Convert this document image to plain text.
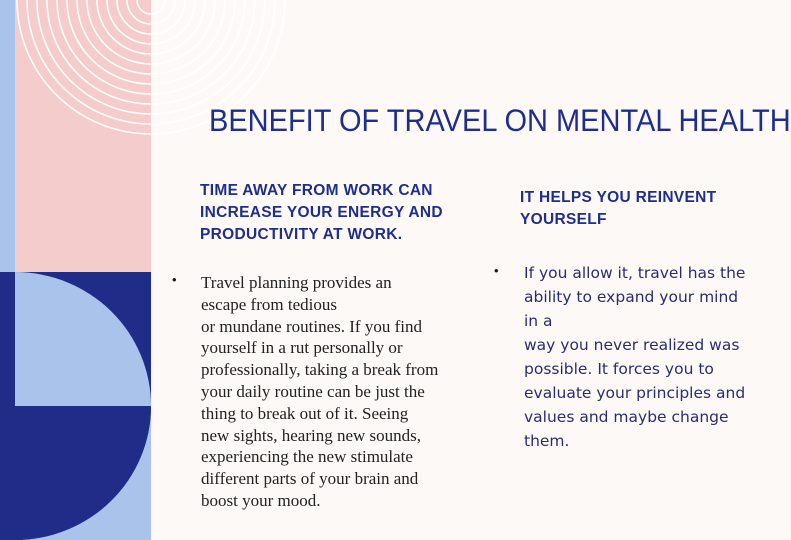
BENEFIT OF TRAVEL ON MENTAL HEALTH
TIME AWAY FROM WORK CAN INCREASE YOUR ENERGY AND PRODUCTIVITY AT WORK.
• Travel planning provides an
escape from tedious
or mundane routines. If you find
yourself in a rut personally or
professionally, taking a break from
your daily routine can be just the
thing to break out of it. Seeing
new sights, hearing new sounds,
experiencing the new stimulate
different parts of your brain and
boost your mood.
IT HELPS YOU REINVENT YOURSELF
• If you allow it, travel has the
ability to expand your mind in a
way you never realized was
possible. It forces you to
evaluate your principles and
values and maybe change
them.
